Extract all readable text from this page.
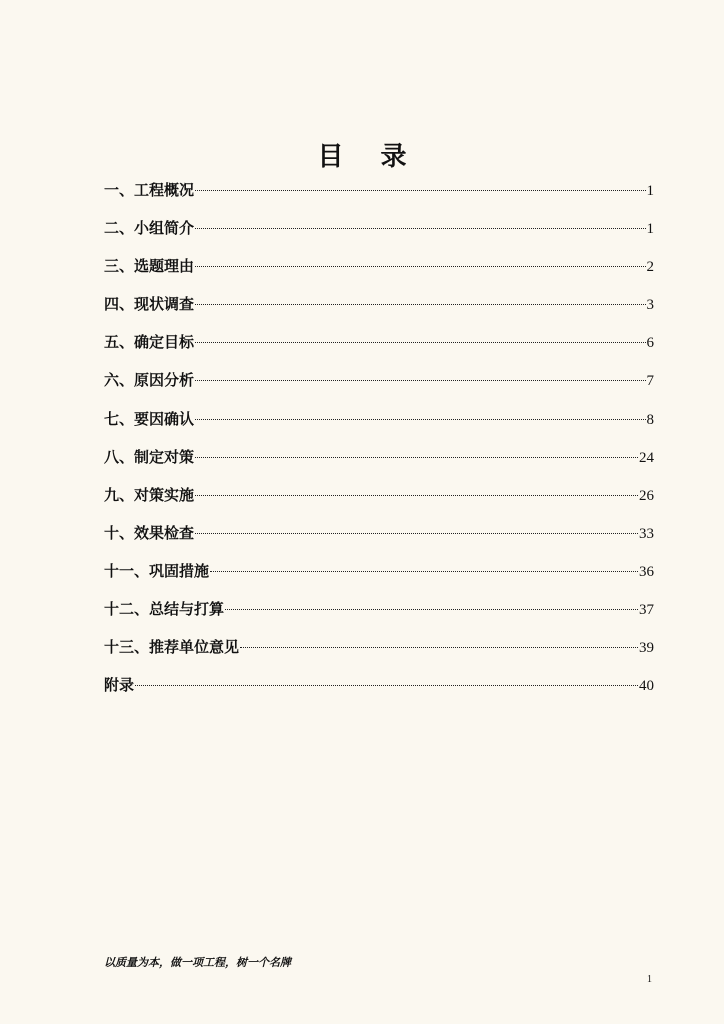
目 录
一、工程概况	1
二、小组简介	1
三、选题理由	2
四、现状调查	3
五、确定目标	6
六、原因分析	7
七、要因确认	8
八、制定对策	24
九、对策实施	26
十、效果检查	33
十一、巩固措施	36
十二、总结与打算	37
十三、推荐单位意见	39
附录	40
以质量为本，做一项工程，树一个名牌
1
